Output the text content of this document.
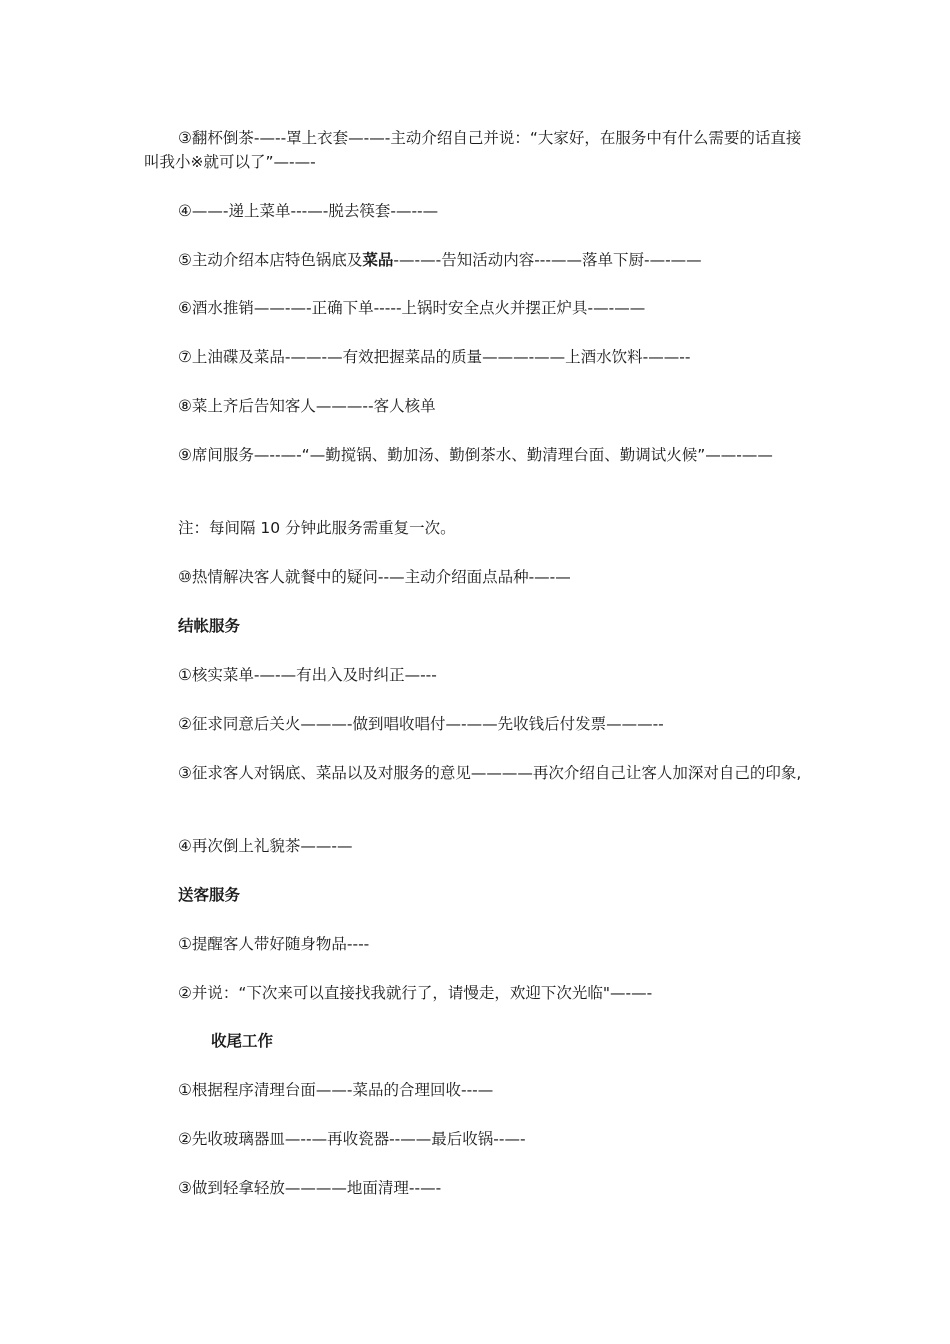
③翻杯倒茶-—--罩上衣套—-—-主动介绍自己并说：“大家好，在服务中有什么需要的话直接叫我小※就可以了”—-—-

④——-递上菜单---—-脱去筷套-—--—

⑤主动介绍本店特色锅底及菜品-—-—-告知活动内容---——落单下厨-—-——

⑥酒水推销——-—-正确下单-----上锅时安全点火并摆正炉具-—-——

⑦上油碟及菜品-——-—有效把握菜品的质量———-——上酒水饮料-——--

⑧菜上齐后告知客人———--客人核单

⑨席间服务—--—-“—勤搅锅、勤加汤、勤倒茶水、勤清理台面、勤调试火候”——-——

注：每间隔 10 分钟此服务需重复一次。

⑩热情解决客人就餐中的疑问--—主动介绍面点品种-—-—

结帐服务

①核实菜单-—-—有出入及时纠正—---

②征求同意后关火———-做到唱收唱付—-——先收钱后付发票———--

③征求客人对锅底、菜品以及对服务的意见————再次介绍自己让客人加深对自己的印象,

④再次倒上礼貌茶——-—

送客服务

①提醒客人带好随身物品----

②并说：“下次来可以直接找我就行了，请慢走，欢迎下次光临"—-—-

收尾工作

①根据程序清理台面——-菜品的合理回收---—

②先收玻璃器皿—--—再收瓷器--——最后收锅--—-

③做到轻拿轻放————地面清理--—-
